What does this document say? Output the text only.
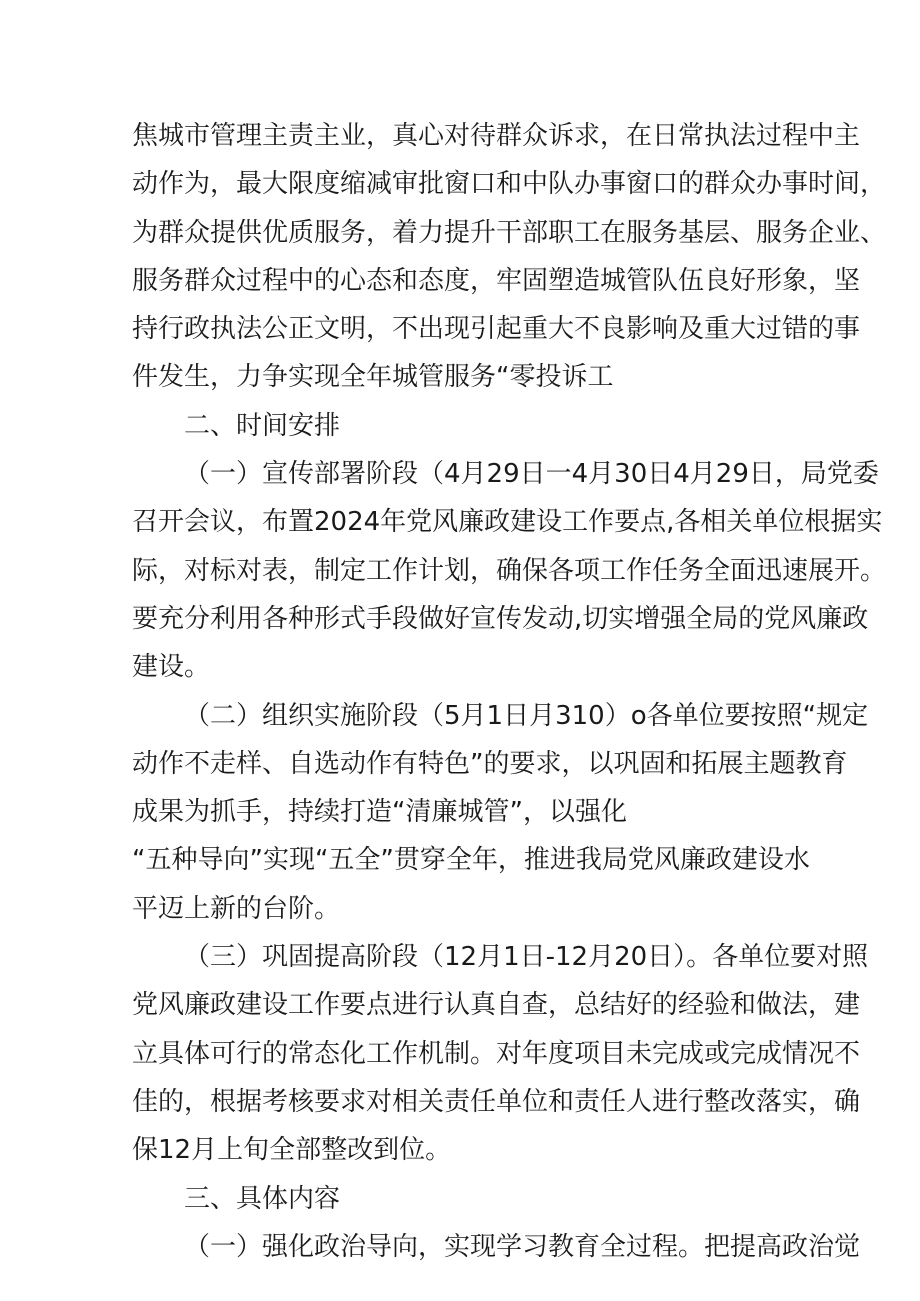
焦城市管理主责主业，真心对待群众诉求，在日常执法过程中主
动作为，最大限度缩减审批窗口和中队办事窗口的群众办事时间，
为群众提供优质服务，着力提升干部职工在服务基层、服务企业、
服务群众过程中的心态和态度，牢固塑造城管队伍良好形象，坚
持行政执法公正文明，不出现引起重大不良影响及重大过错的事
件发生，力争实现全年城管服务“零投诉工
二、时间安排
（一）宣传部署阶段（4月29日一4月30日4月29日，局党委
召开会议，布置2024年党风廉政建设工作要点,各相关单位根据实
际，对标对表，制定工作计划，确保各项工作任务全面迅速展开。
要充分利用各种形式手段做好宣传发动,切实增强全局的党风廉政
建设。
（二）组织实施阶段（5月1日月310）o各单位要按照“规定
动作不走样、自选动作有特色”的要求，以巩固和拓展主题教育
成果为抓手，持续打造“清廉城管”，以强化
“五种导向”实现“五全”贯穿全年，推进我局党风廉政建设水
平迈上新的台阶。
（三）巩固提高阶段（12月1日-12月20日）。各单位要对照
党风廉政建设工作要点进行认真自查，总结好的经验和做法，建
立具体可行的常态化工作机制。对年度项目未完成或完成情况不
佳的，根据考核要求对相关责任单位和责任人进行整改落实，确
保12月上旬全部整改到位。
三、具体内容
（一）强化政治导向，实现学习教育全过程。把提高政治觉
